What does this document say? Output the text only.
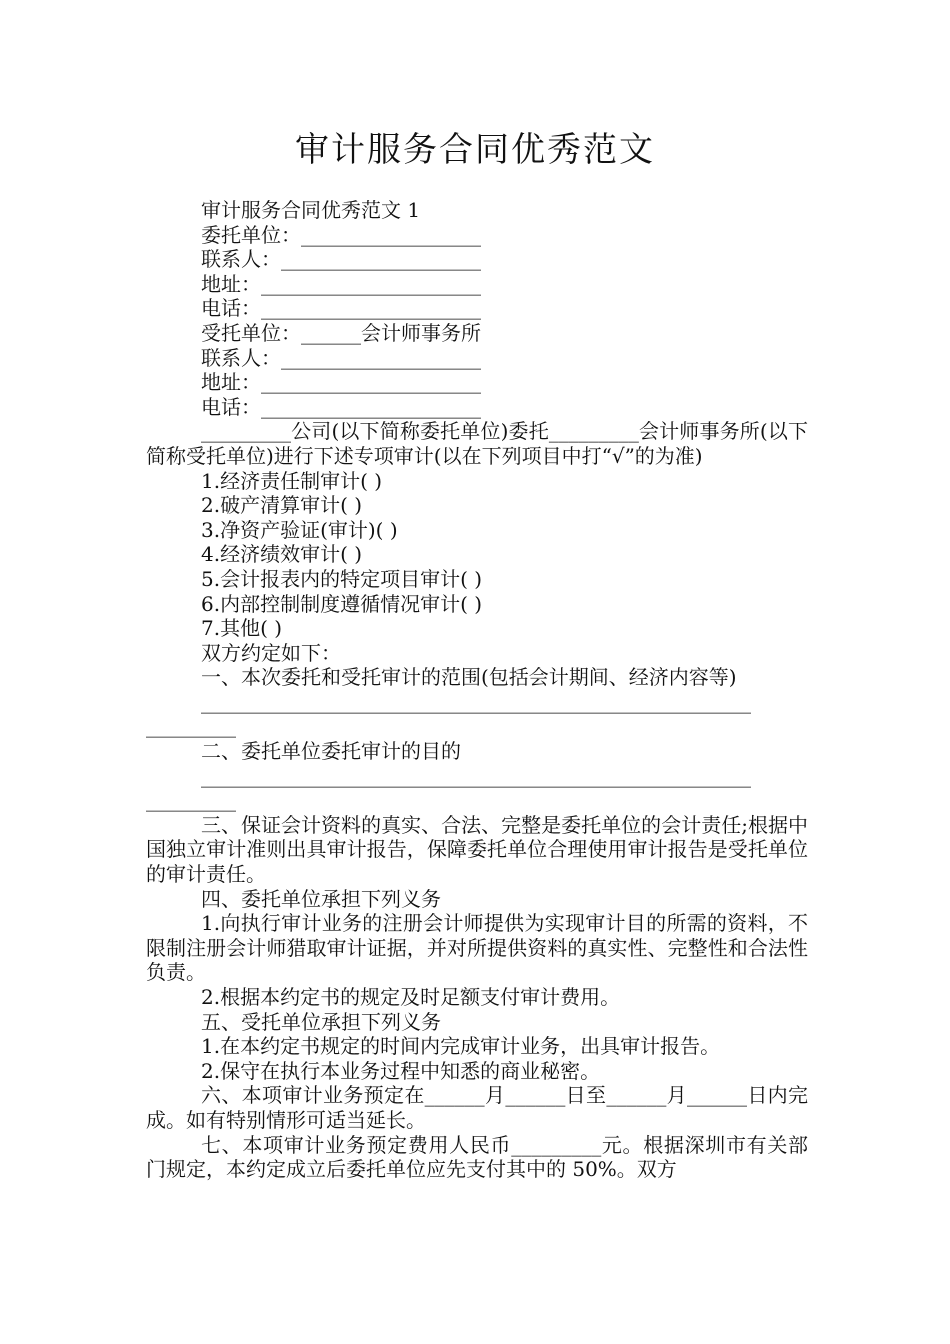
审计服务合同优秀范文
审计服务合同优秀范文 1
委托单位：__________________
联系人：____________________
地址：______________________
电话：______________________
受托单位：______会计师事务所
联系人：____________________
地址：______________________
电话：______________________
_________公司(以下简称委托单位)委托_________会计师事务所(以下简称受托单位)进行下述专项审计(以在下列项目中打“√”的为准)
1.经济责任制审计( )
2.破产清算审计( )
3.净资产验证(审计)( )
4.经济绩效审计( )
5.会计报表内的特定项目审计( )
6.内部控制制度遵循情况审计( )
7.其他( )
双方约定如下：
一、本次委托和受托审计的范围(包括会计期间、经济内容等)
_______________________________________________________
_________
二、委托单位委托审计的目的
_______________________________________________________
_________
三、保证会计资料的真实、合法、完整是委托单位的会计责任;根据中国独立审计准则出具审计报告，保障委托单位合理使用审计报告是受托单位的审计责任。
四、委托单位承担下列义务
1.向执行审计业务的注册会计师提供为实现审计目的所需的资料，不限制注册会计师猎取审计证据，并对所提供资料的真实性、完整性和合法性负责。
2.根据本约定书的规定及时足额支付审计费用。
五、受托单位承担下列义务
1.在本约定书规定的时间内完成审计业务，出具审计报告。
2.保守在执行本业务过程中知悉的商业秘密。
六、本项审计业务预定在______月______日至______月______日内完成。如有特别情形可适当延长。
七、本项审计业务预定费用人民币_________元。根据深圳市有关部门规定，本约定成立后委托单位应先支付其中的 50%。双方
